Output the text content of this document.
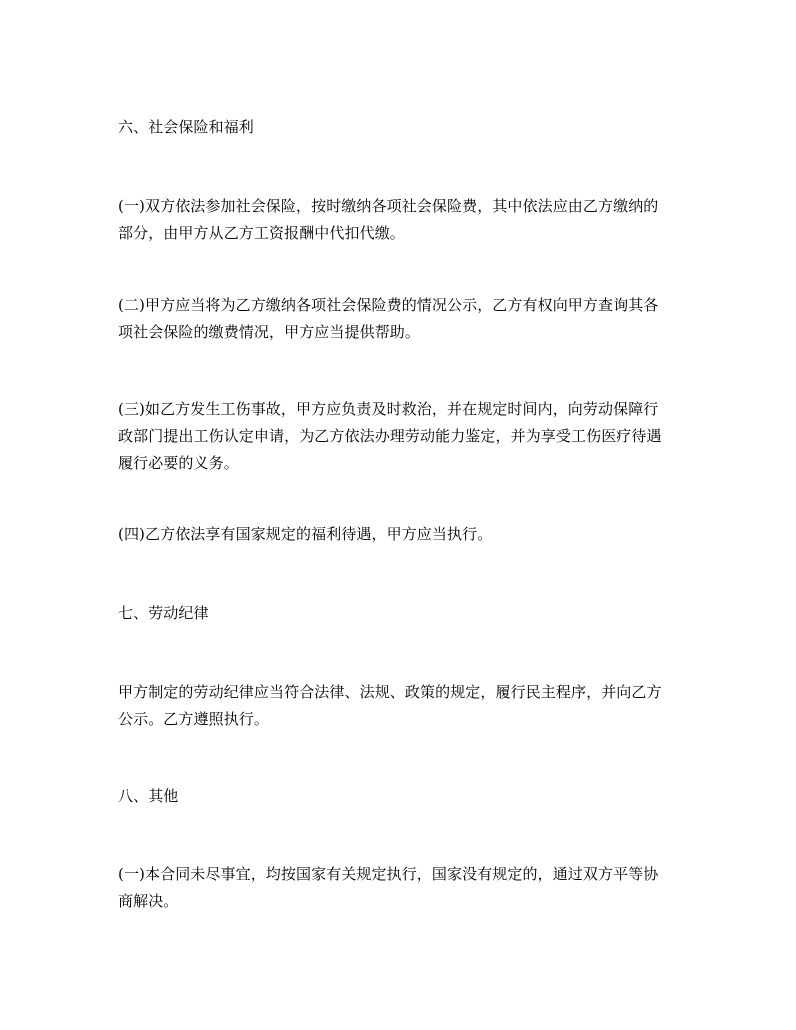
六、社会保险和福利
(一)双方依法参加社会保险，按时缴纳各项社会保险费，其中依法应由乙方缴纳的
部分，由甲方从乙方工资报酬中代扣代缴。
(二)甲方应当将为乙方缴纳各项社会保险费的情况公示，乙方有权向甲方查询其各
项社会保险的缴费情况，甲方应当提供帮助。
(三)如乙方发生工伤事故，甲方应负责及时救治，并在规定时间内，向劳动保障行
政部门提出工伤认定申请，为乙方依法办理劳动能力鉴定，并为享受工伤医疗待遇
履行必要的义务。
(四)乙方依法享有国家规定的福利待遇，甲方应当执行。
七、劳动纪律
甲方制定的劳动纪律应当符合法律、法规、政策的规定，履行民主程序，并向乙方
公示。乙方遵照执行。
八、其他
(一)本合同未尽事宜，均按国家有关规定执行，国家没有规定的，通过双方平等协
商解决。
